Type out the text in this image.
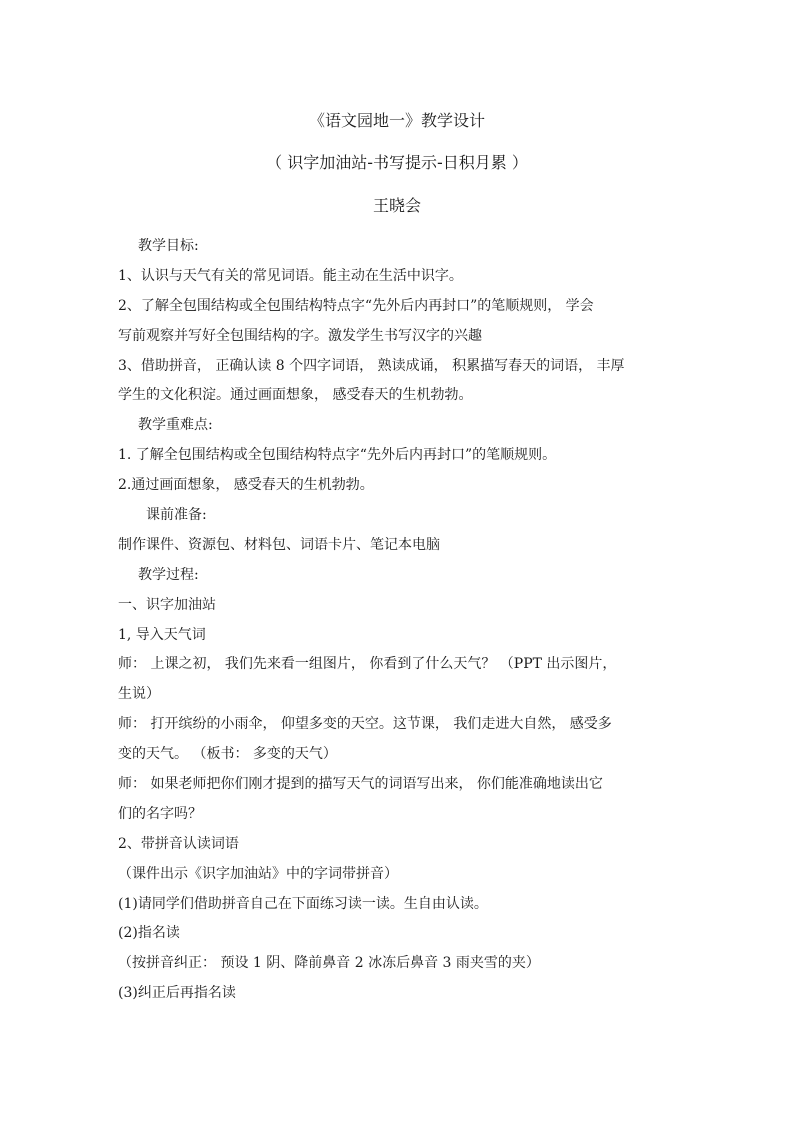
《语文园地一》教学设计
（ 识字加油站-书写提示-日积月累 ）
王晓会
教学目标:
1、认识与天气有关的常见词语。能主动在生活中识字。
2、了解全包围结构或全包围结构特点字“先外后内再封口”的笔顺规则， 学会
写前观察并写好全包围结构的字。激发学生书写汉字的兴趣
3、借助拼音， 正确认读 8 个四字词语， 熟读成诵， 积累描写春天的词语， 丰厚
学生的文化积淀。通过画面想象， 感受春天的生机勃勃。
教学重难点:
1. 了解全包围结构或全包围结构特点字“先外后内再封口”的笔顺规则。
2.通过画面想象， 感受春天的生机勃勃。
课前准备:
制作课件、资源包、材料包、词语卡片、笔记本电脑
教学过程:
一、识字加油站
1, 导入天气词
师： 上课之初， 我们先来看一组图片， 你看到了什么天气？ （PPT 出示图片，
生说）
师： 打开缤纷的小雨伞， 仰望多变的天空。这节课， 我们走进大自然， 感受多
变的天气。 （板书： 多变的天气）
师： 如果老师把你们刚才提到的描写天气的词语写出来， 你们能准确地读出它
们的名字吗？
2、带拼音认读词语
（课件出示《识字加油站》中的字词带拼音）
(1)请同学们借助拼音自己在下面练习读一读。生自由认读。
(2)指名读
（按拼音纠正： 预设 1 阴、降前鼻音 2 冰冻后鼻音 3 雨夹雪的夹）
(3)纠正后再指名读
